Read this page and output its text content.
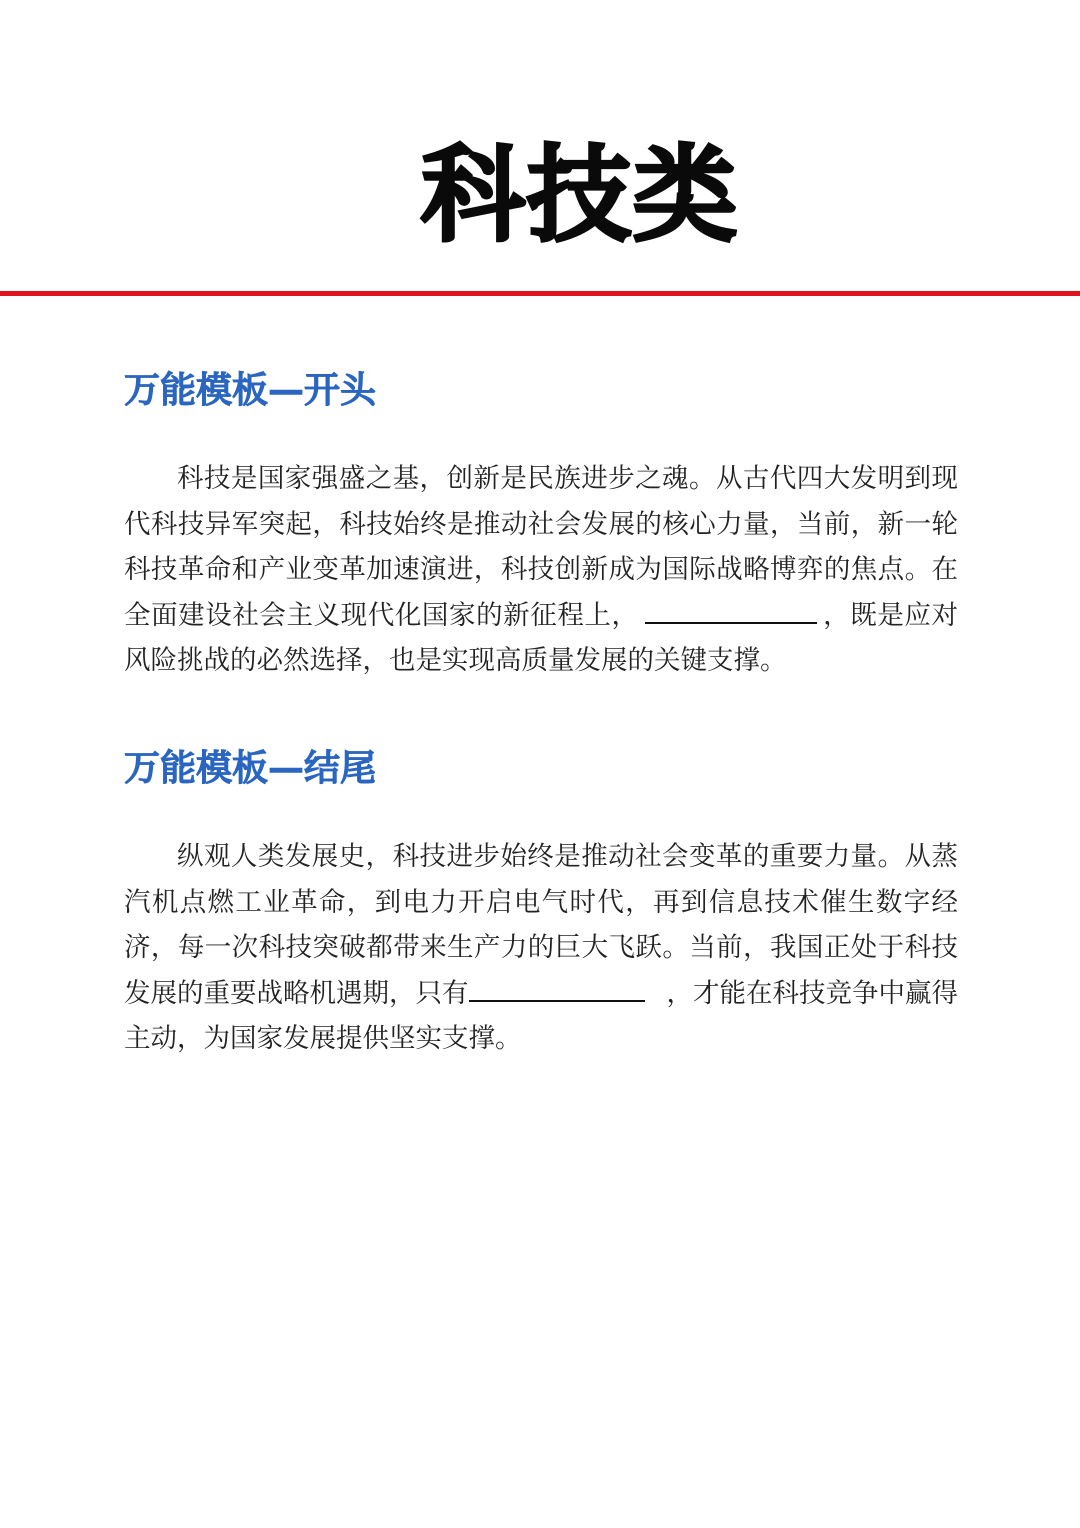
科技类
万能模板—开头

科技是国家强盛之基，创新是民族进步之魂。从古代四大发明到现代科技异军突起，科技始终是推动社会发展的核心力量，当前，新一轮科技革命和产业变革加速演进，科技创新成为国际战略博弈的焦点。在全面建设社会主义现代化国家的新征程上，	，既是应对风险挑战的必然选择，也是实现高质量发展的关键支撑。

万能模板—结尾

纵观人类发展史，科技进步始终是推动社会变革的重要力量。从蒸汽机点燃工业革命，到电力开启电气时代，再到信息技术催生数字经济，每一次科技突破都带来生产力的巨大飞跃。当前，我国正处于科技发展的重要战略机遇期，只有	，才能在科技竞争中赢得主动，为国家发展提供坚实支撑。
